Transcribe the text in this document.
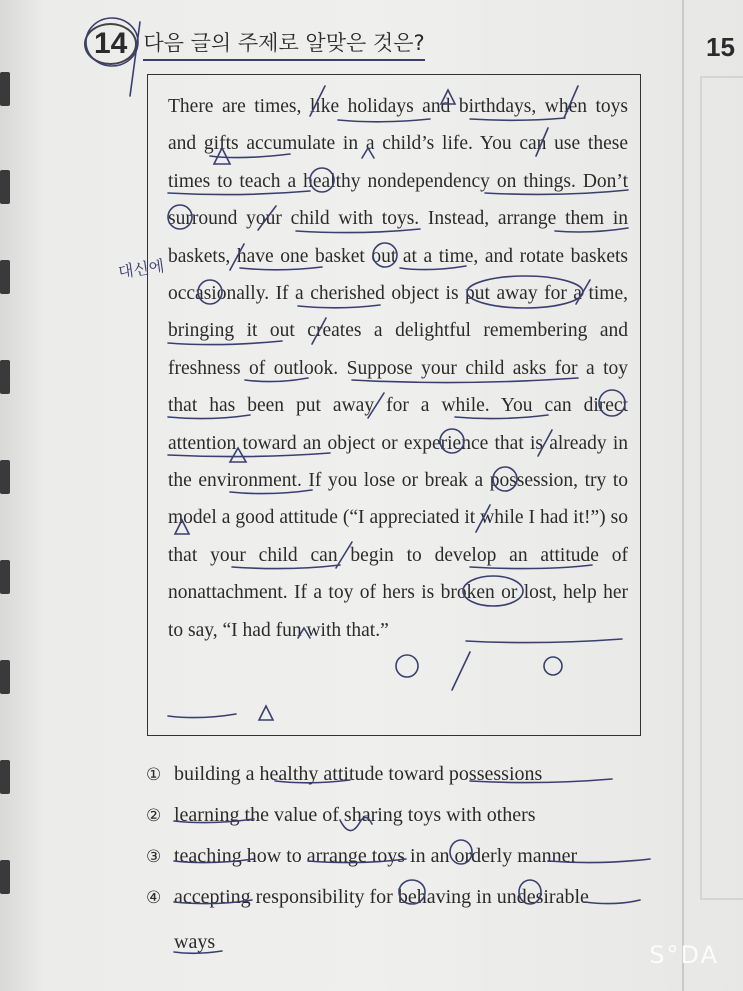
15
14 다음 글의 주제로 알맞은 것은?

There are times, like holidays and birthdays, when toys and gifts accumulate in a child’s life. You can use these times to teach a healthy nondependency on things. Don’t surround your child with toys. Instead, arrange them in baskets, have one basket out at a time, and rotate baskets occasionally. If a cherished object is put away for a time, bringing it out creates a delightful remembering and freshness of outlook. Suppose your child asks for a toy that has been put away for a while. You can direct attention toward an object or experience that is already in the environment. If you lose or break a possession, try to model a good attitude (“I appreciated it while I had it!”) so that your child can begin to develop an attitude of nonattachment. If a toy of hers is broken or lost, help her to say, “I had fun with that.”

① building a healthy attitude toward possessions
② learning the value of sharing toys with others
③ teaching how to arrange toys in an orderly manner
④ accepting responsibility for behaving in undesirable
ways
대신에
S°DA
